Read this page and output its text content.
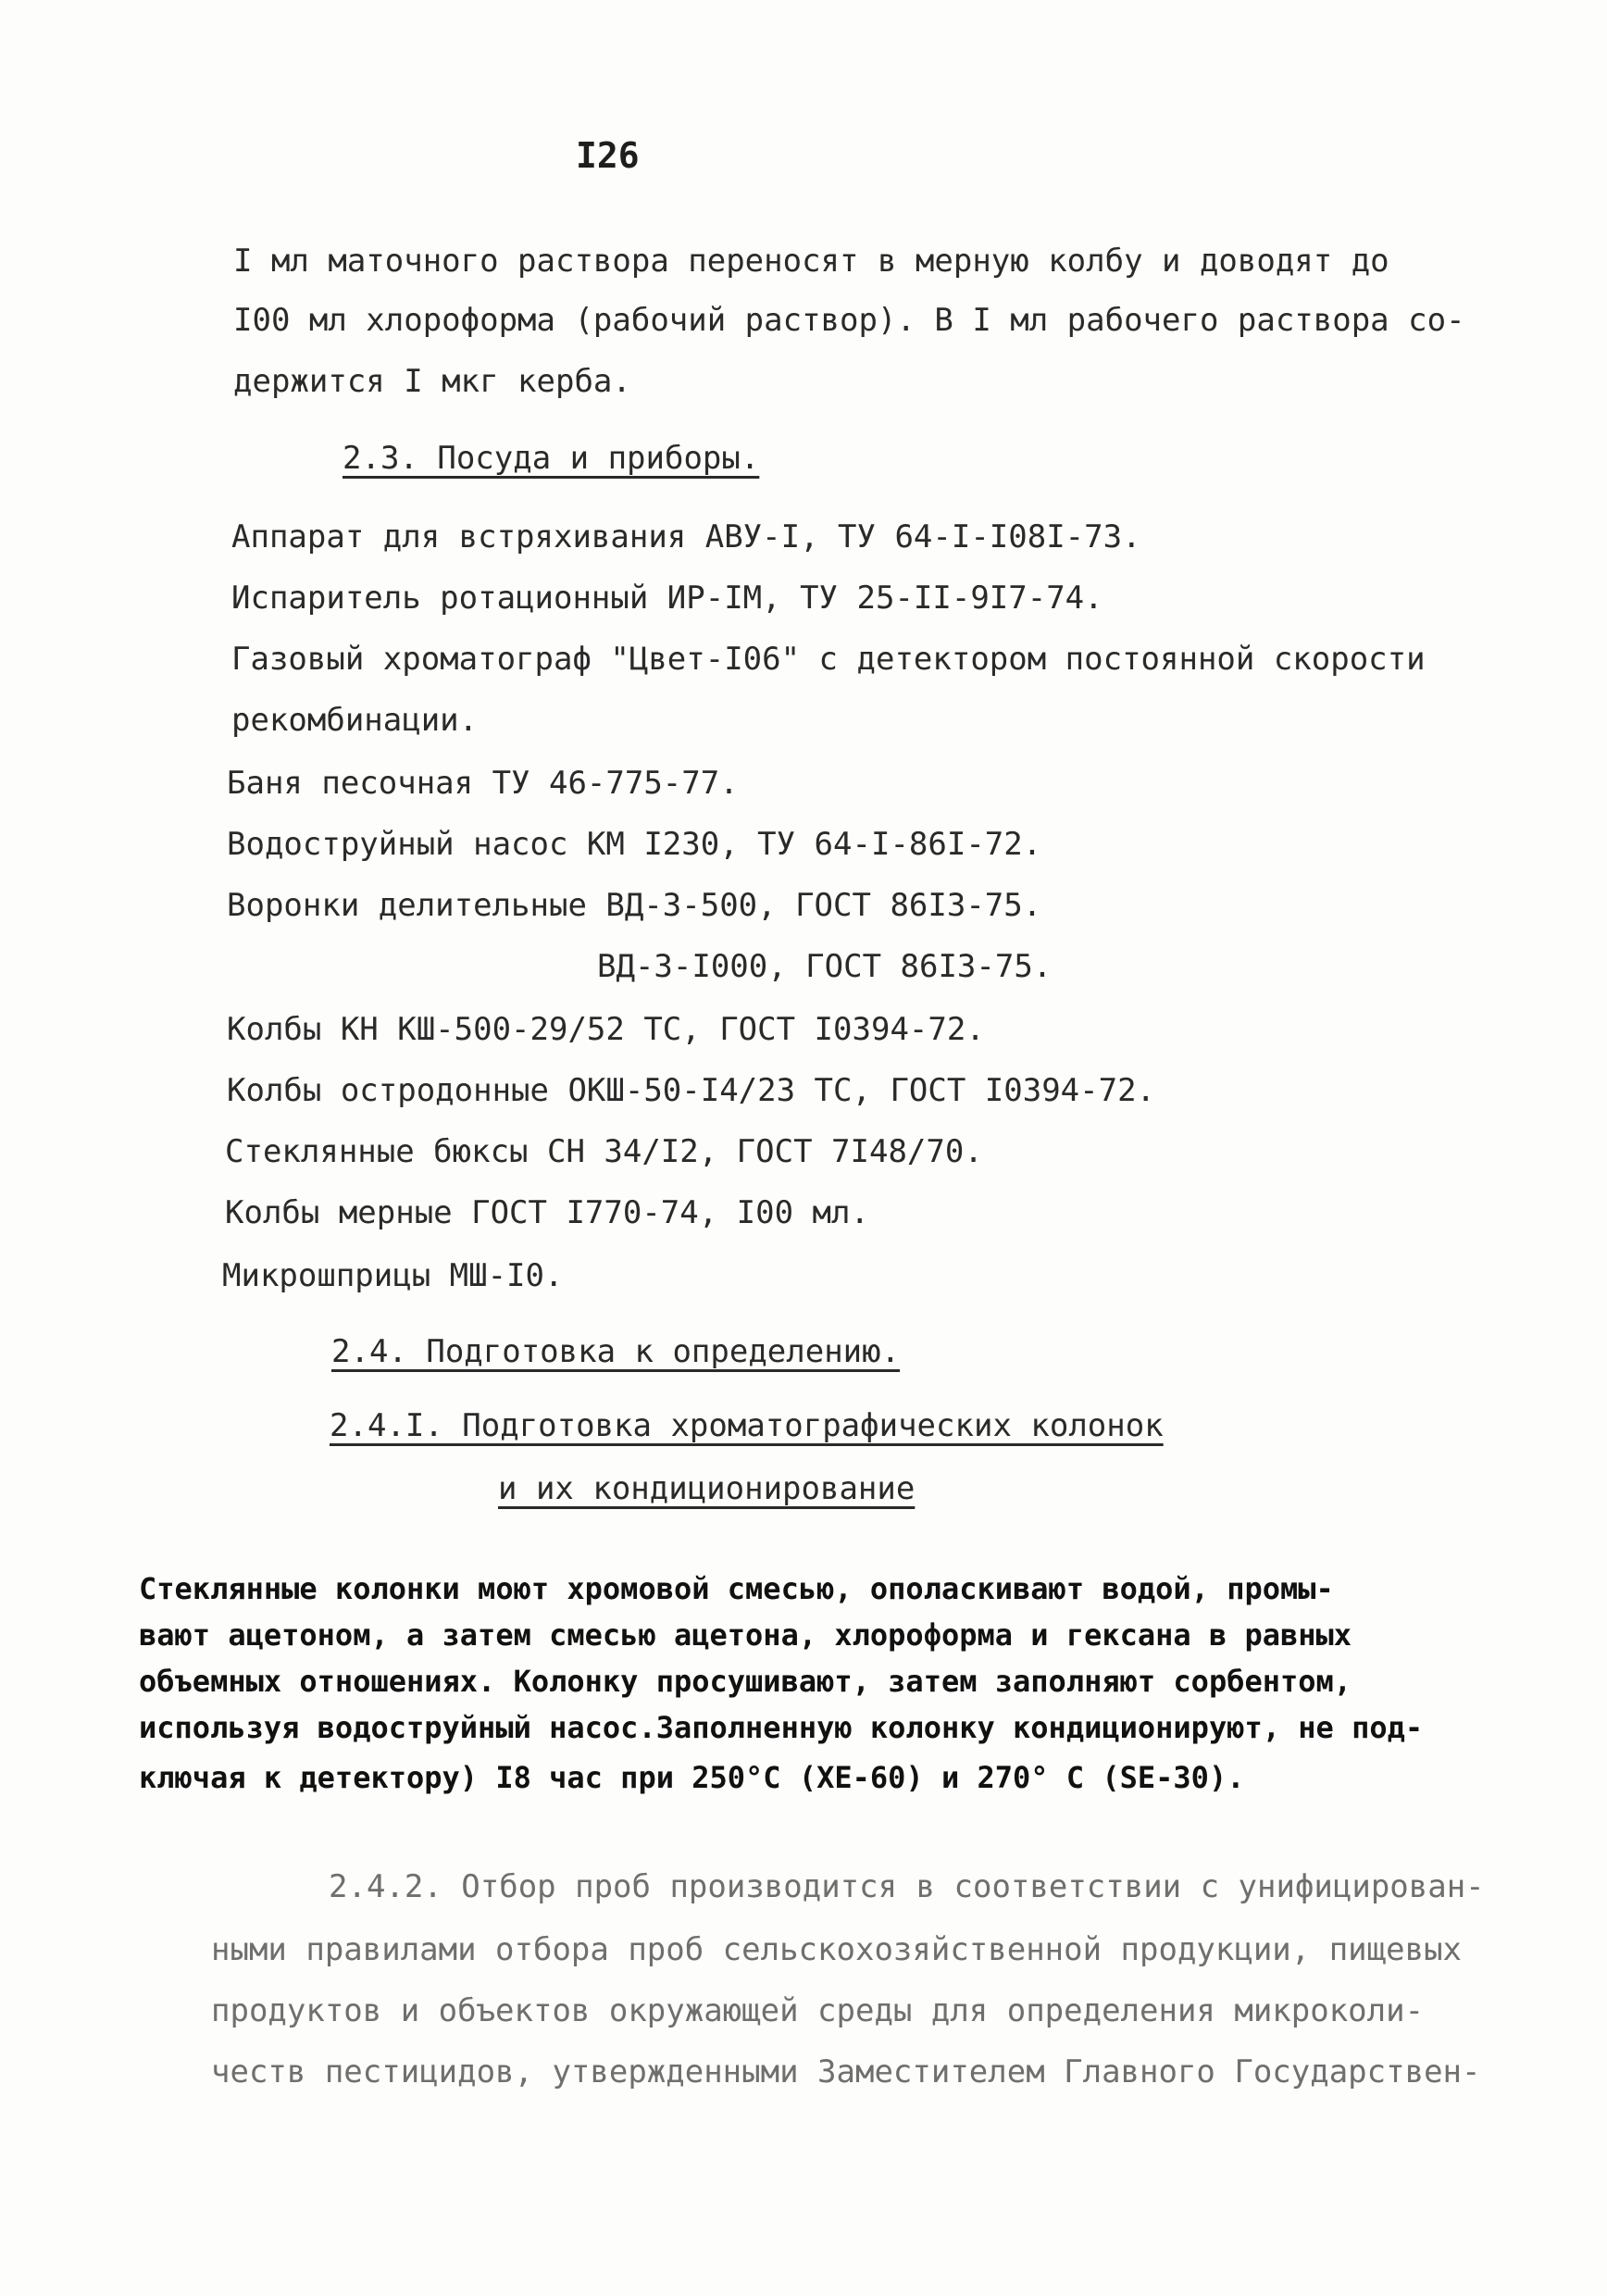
I26
I мл маточного раствора переносят в мерную колбу и доводят до
I00 мл хлороформа (рабочий раствор). В I мл рабочего раствора со-
держится I мкг керба.
2.3. Посуда и приборы.
Аппарат для встряхивания АВУ-I, ТУ 64-I-I08I-73.
Испаритель ротационный ИР-IМ, ТУ 25-II-9I7-74.
Газовый хроматограф "Цвет-I06" с детектором постоянной скорости
рекомбинации.
Баня песочная ТУ 46-775-77.
Водоструйный насос КМ I230, ТУ 64-I-86I-72.
Воронки делительные ВД-3-500, ГОСТ 86I3-75.
ВД-3-I000, ГОСТ 86I3-75.
Колбы КН КШ-500-29/52 ТС, ГОСТ I0394-72.
Колбы остродонные ОКШ-50-I4/23 ТС, ГОСТ I0394-72.
Стеклянные бюксы СН 34/I2, ГОСТ 7I48/70.
Колбы мерные ГОСТ I770-74, I00 мл.
Микрошприцы МШ-I0.
2.4. Подготовка к определению.
2.4.I. Подготовка хроматографических колонок
и их кондиционирование
Стеклянные колонки моют хромовой смесью, ополаскивают водой, промы-
вают ацетоном, а затем смесью ацетона, хлороформа и гексана в равных
объемных отношениях. Колонку просушивают, затем заполняют сорбентом,
используя водоструйный насос.Заполненную колонку кондиционируют, не под-
ключая к детектору) I8 час при 250°С (ХЕ-60) и 270° С (SЕ-30).
2.4.2. Отбор проб производится в соответствии с унифицирован-
ными правилами отбора проб сельскохозяйственной продукции, пищевых
продуктов и объектов окружающей среды для определения микроколи-
честв пестицидов, утвержденными Заместителем Главного Государствен-
